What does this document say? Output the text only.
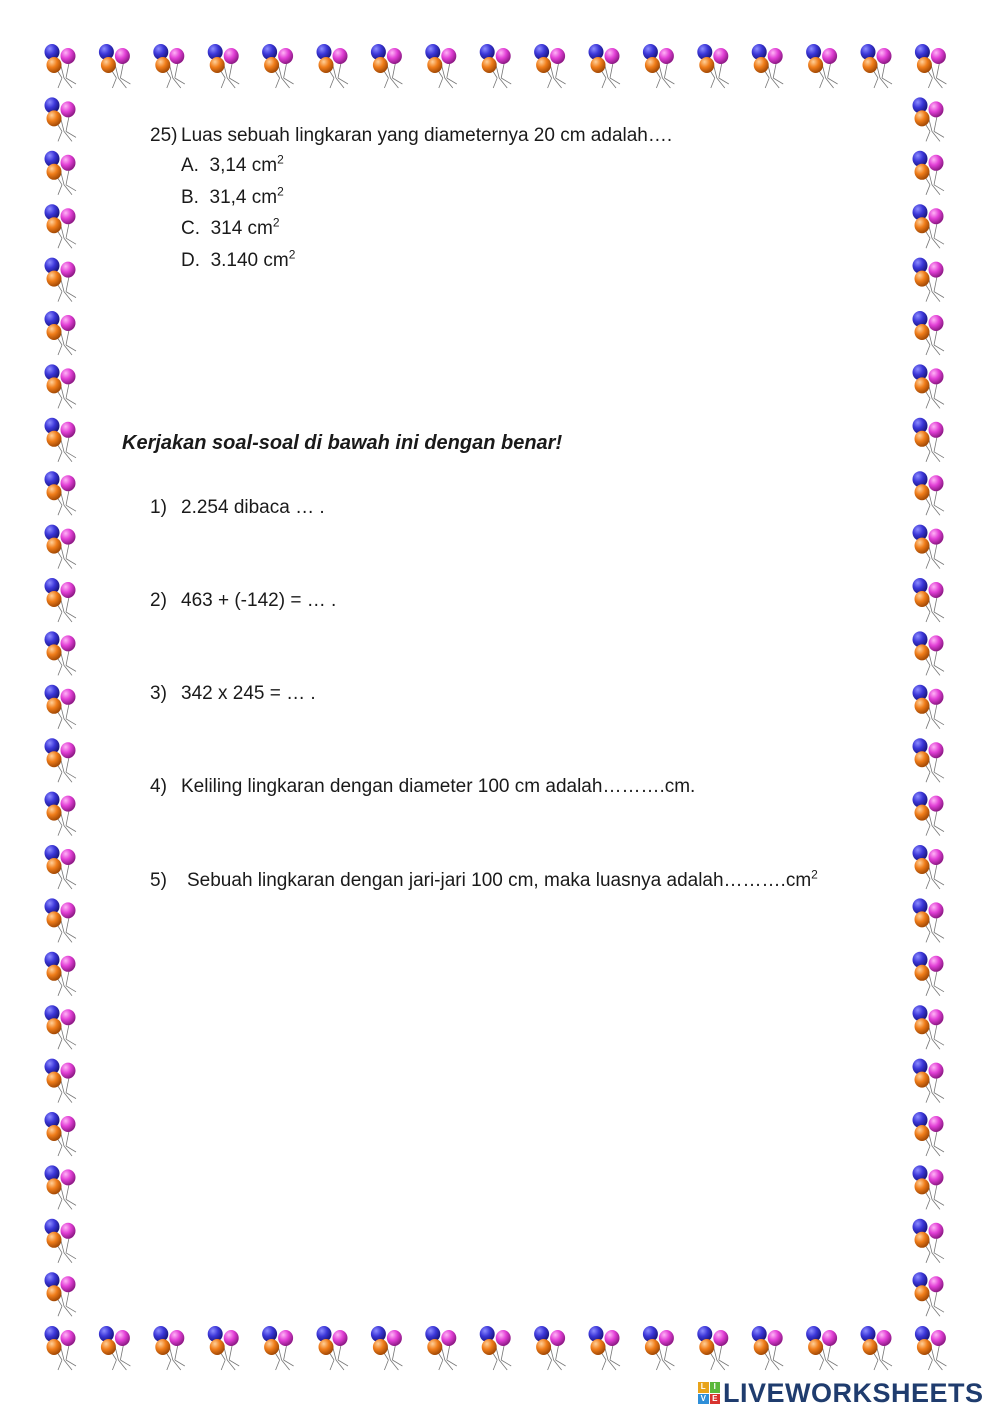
25) Luas sebuah lingkaran yang diameternya 20 cm adalah….
A. 3,14 $cm^2$
B. 31,4 $cm^2$
C. 314 $cm^2$
D. 3.140 $cm^2$
Kerjakan soal-soal di bawah ini dengan benar!
1) 2.254 dibaca … .
2) 463 + (-142) = … .
3) 342 x 245 = … .
4) Keliling lingkaran dengan diameter 100 cm adalah……….cm.
5) Sebuah lingkaran dengan jari-jari 100 cm, maka luasnya $adalah\dots\dots\dots.cm^2$
L I
V E LIVEWORKSHEETS
